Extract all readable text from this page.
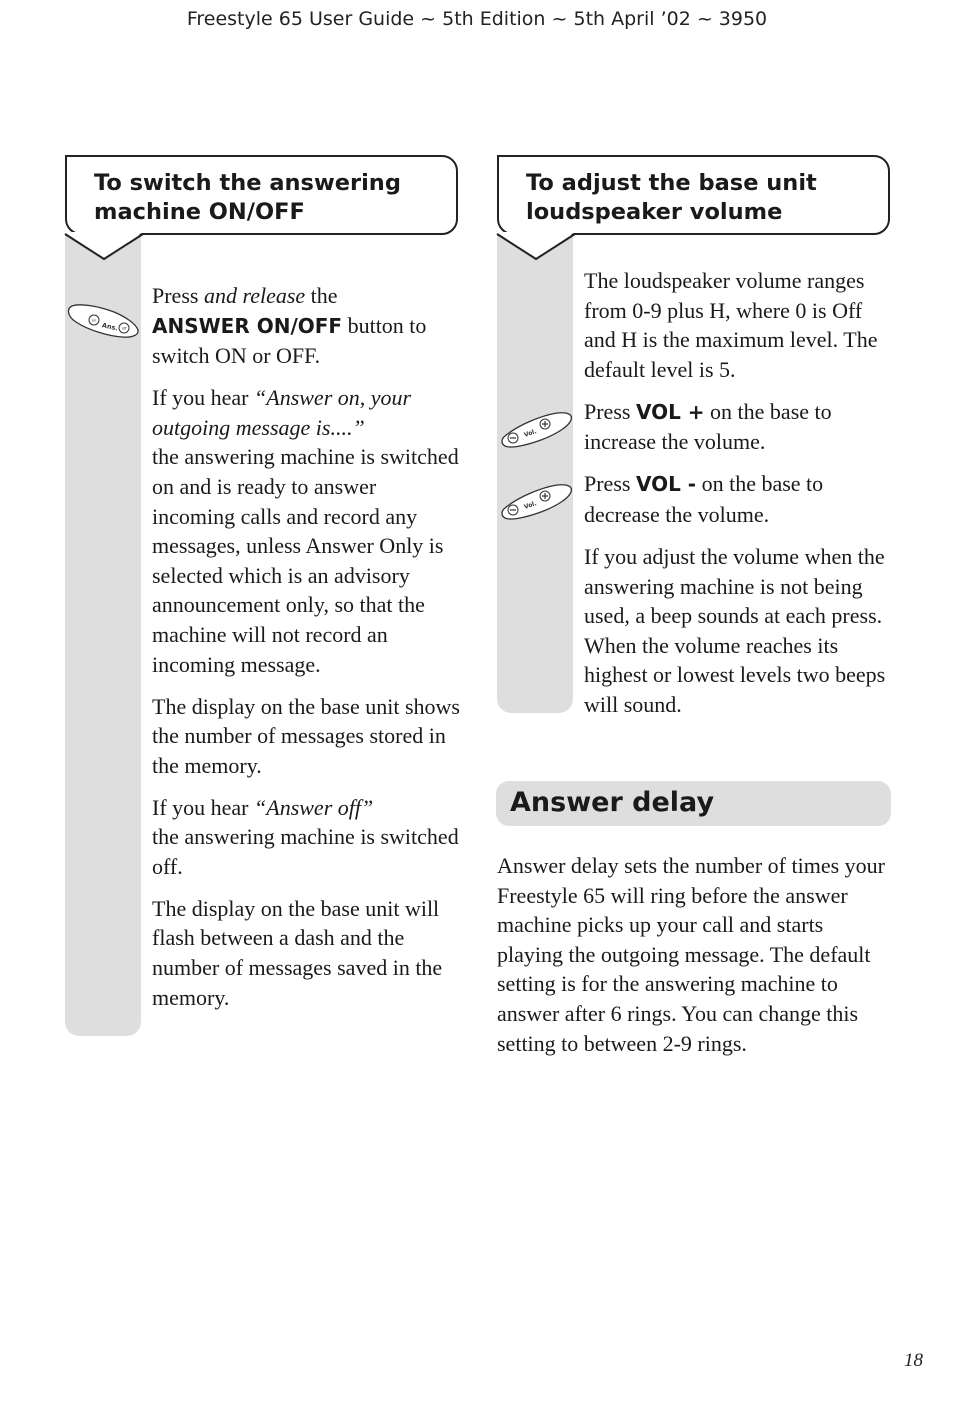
Freestyle 65 User Guide ~ 5th Edition ~ 5th April ’02 ~ 3950
To switch the answering
machine ON/OFF
on
off
Ans.

Press and release the
ANSWER ON/OFF button to switch ON or OFF.

If you hear “Answer on, your outgoing message is....”
the answering machine is switched on and is ready to answer incoming calls and record any messages, unless Answer Only is selected which is an advisory announcement only, so that the machine will not record an incoming message.

The display on the base unit shows the number of messages stored in the memory.

If you hear “Answer off”
the answering machine is switched off.

The display on the base unit will flash between a dash and the number of messages saved in the memory.

To adjust the base unit
loudspeaker volume
Vol.
Vol.

The loudspeaker volume ranges from 0-9 plus H, where 0 is Off and H is the maximum level. The default level is 5.

Press VOL + on the base to increase the volume.

Press VOL - on the base to decrease the volume.

If you adjust the volume when the answering machine is not being used, a beep sounds at each press. When the volume reaches its highest or lowest levels two beeps will sound.

Answer delay

Answer delay sets the number of times your Freestyle 65 will ring before the answer machine picks up your call and starts playing the outgoing message. The default setting is for the answering machine to answer after 6 rings. You can change this setting to between 2-9 rings.

18
